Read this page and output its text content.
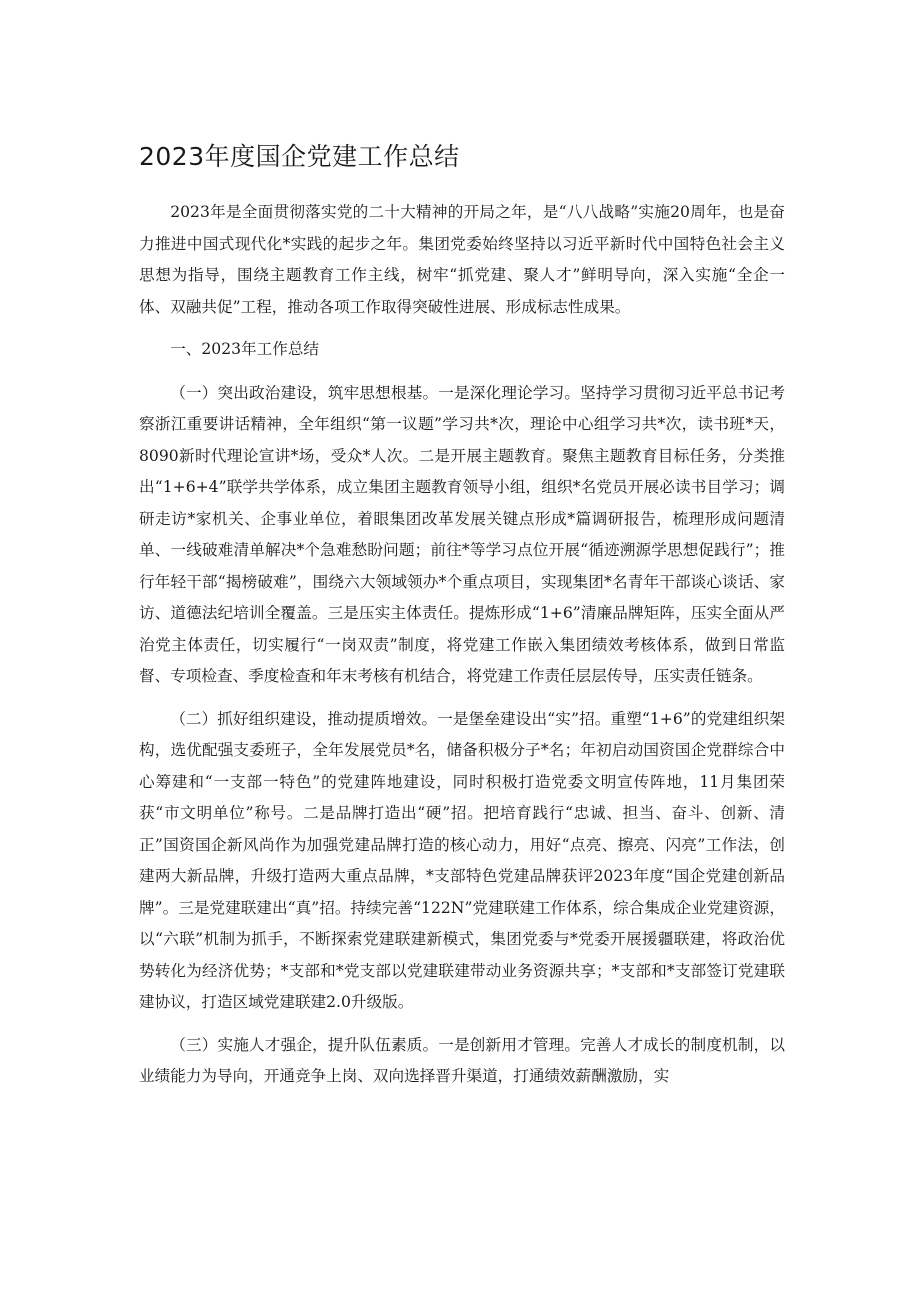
2023年度国企党建工作总结

2023年是全面贯彻落实党的二十大精神的开局之年，是“八八战略”实施20周年，也是奋力推进中国式现代化*实践的起步之年。集团党委始终坚持以习近平新时代中国特色社会主义思想为指导，围绕主题教育工作主线，树牢“抓党建、聚人才”鲜明导向，深入实施“全企一体、双融共促”工程，推动各项工作取得突破性进展、形成标志性成果。

一、2023年工作总结

（一）突出政治建设，筑牢思想根基。一是深化理论学习。坚持学习贯彻习近平总书记考察浙江重要讲话精神，全年组织“第一议题”学习共*次，理论中心组学习共*次，读书班*天，8090新时代理论宣讲*场，受众*人次。二是开展主题教育。聚焦主题教育目标任务，分类推出“1+6+4”联学共学体系，成立集团主题教育领导小组，组织*名党员开展必读书目学习；调研走访*家机关、企事业单位，着眼集团改革发展关键点形成*篇调研报告，梳理形成问题清单、一线破难清单解决*个急难愁盼问题；前往*等学习点位开展“循迹溯源学思想促践行”；推行年轻干部“揭榜破难”，围绕六大领域领办*个重点项目，实现集团*名青年干部谈心谈话、家访、道德法纪培训全覆盖。三是压实主体责任。提炼形成“1+6”清廉品牌矩阵，压实全面从严治党主体责任，切实履行“一岗双责”制度，将党建工作嵌入集团绩效考核体系，做到日常监督、专项检查、季度检查和年末考核有机结合，将党建工作责任层层传导，压实责任链条。

（二）抓好组织建设，推动提质增效。一是堡垒建设出“实”招。重塑“1+6”的党建组织架构，选优配强支委班子，全年发展党员*名，储备积极分子*名；年初启动国资国企党群综合中心筹建和“一支部一特色”的党建阵地建设，同时积极打造党委文明宣传阵地，11月集团荣获“市文明单位”称号。二是品牌打造出“硬”招。把培育践行“忠诚、担当、奋斗、创新、清正”国资国企新风尚作为加强党建品牌打造的核心动力，用好“点亮、擦亮、闪亮”工作法，创建两大新品牌，升级打造两大重点品牌，*支部特色党建品牌获评2023年度“国企党建创新品牌”。三是党建联建出“真”招。持续完善“122N”党建联建工作体系，综合集成企业党建资源，以“六联”机制为抓手，不断探索党建联建新模式，集团党委与*党委开展援疆联建，将政治优势转化为经济优势；*支部和*党支部以党建联建带动业务资源共享；*支部和*支部签订党建联建协议，打造区域党建联建2.0升级版。

（三）实施人才强企，提升队伍素质。一是创新用才管理。完善人才成长的制度机制，以业绩能力为导向，开通竞争上岗、双向选择晋升渠道，打通绩效薪酬激励，实
